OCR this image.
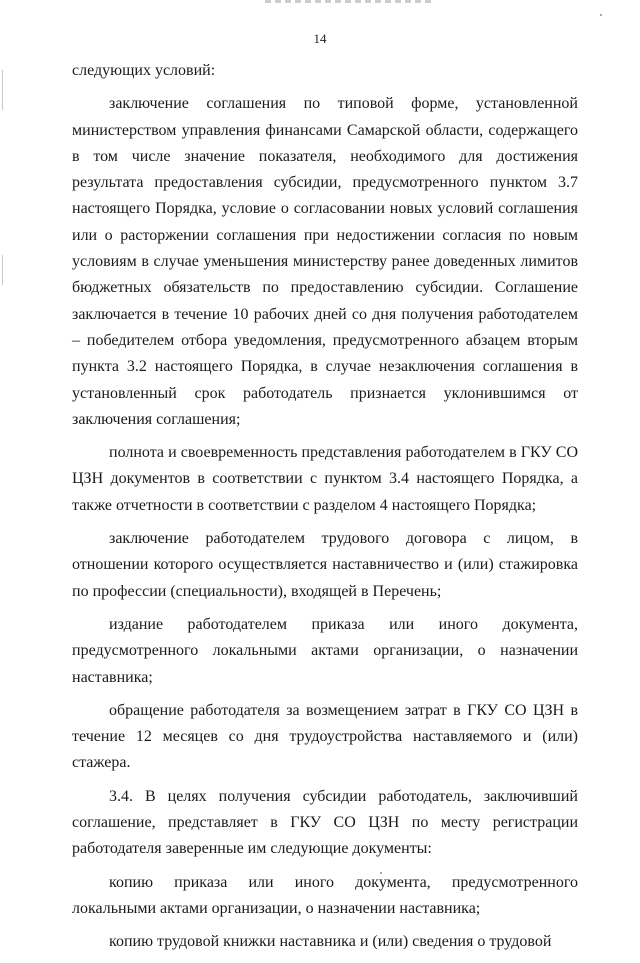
14

следующих условий:

заключение соглашения по типовой форме, установленной министерством управления финансами Самарской области, содержащего в том числе значение показателя, необходимого для достижения результата предоставления субсидии, предусмотренного пунктом 3.7 настоящего Порядка, условие о согласовании новых условий соглашения или о расторжении соглашения при недостижении согласия по новым условиям в случае уменьшения министерству ранее доведенных лимитов бюджетных обязательств по предоставлению субсидии. Соглашение заключается в течение 10 рабочих дней со дня получения работодателем – победителем отбора уведомления, предусмотренного абзацем вторым пункта 3.2 настоящего Порядка, в случае незаключения соглашения в установленный срок работодатель признается уклонившимся от заключения соглашения;

полнота и своевременность представления работодателем в ГКУ СО ЦЗН документов в соответствии с пунктом 3.4 настоящего Порядка, а также отчетности в соответствии с разделом 4 настоящего Порядка;

заключение работодателем трудового договора с лицом, в отношении которого осуществляется наставничество и (или) стажировка по профессии (специальности), входящей в Перечень;

издание работодателем приказа или иного документа, предусмотренного локальными актами организации, о назначении наставника;

обращение работодателя за возмещением затрат в ГКУ СО ЦЗН в течение 12 месяцев со дня трудоустройства наставляемого и (или) стажера.

3.4. В целях получения субсидии работодатель, заключивший соглашение, представляет в ГКУ СО ЦЗН по месту регистрации работодателя заверенные им следующие документы:

копию приказа или иного документа, предусмотренного локальными актами организации, о назначении наставника;

копию трудовой книжки наставника и (или) сведения о трудовой
